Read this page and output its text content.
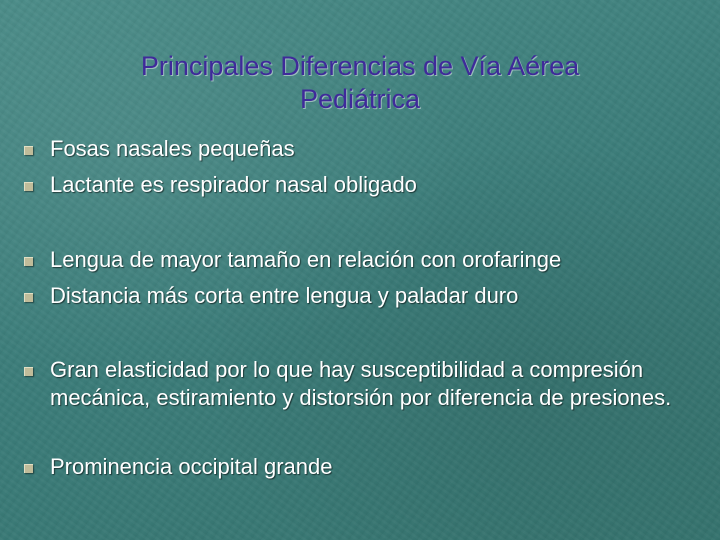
Principales Diferencias de Vía Aérea
Pediátrica
Fosas nasales pequeñas
Lactante es respirador nasal obligado
Lengua de mayor tamaño en relación con orofaringe
Distancia más corta entre lengua y paladar duro
Gran elasticidad por lo que hay susceptibilidad a compresión mecánica, estiramiento y distorsión por diferencia de presiones.
Prominencia occipital grande
